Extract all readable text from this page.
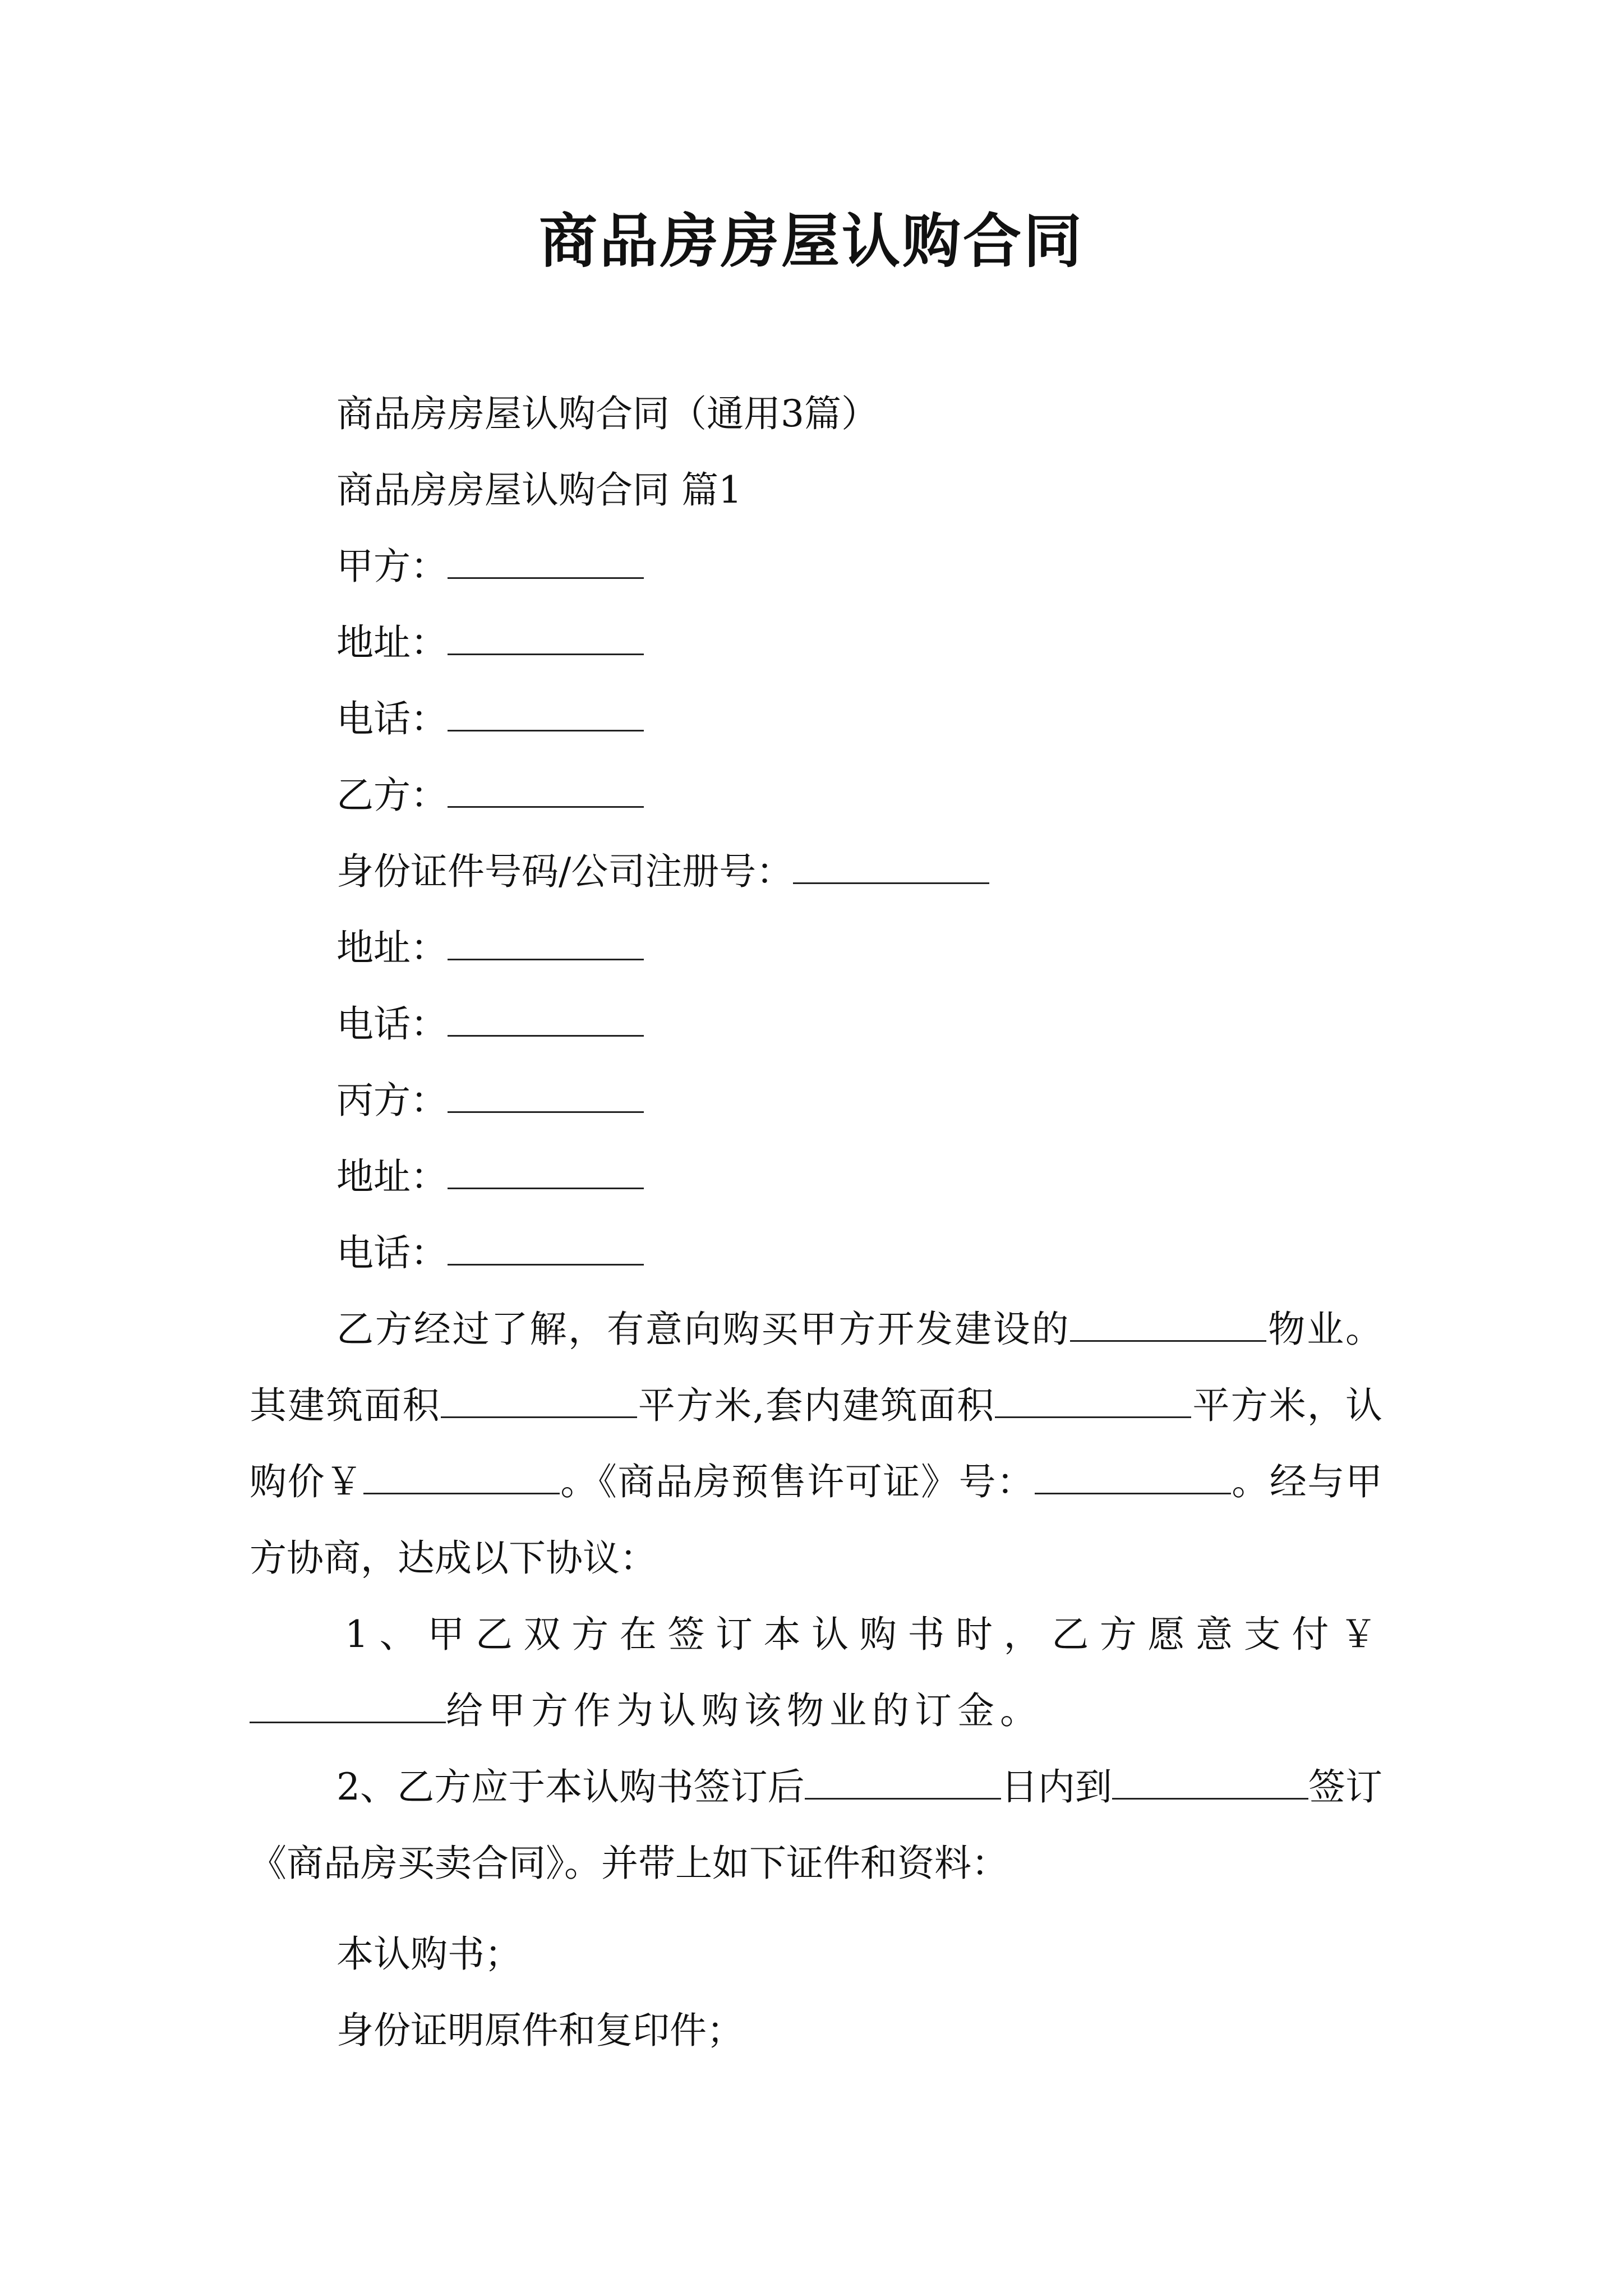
商品房房屋认购合同
商品房房屋认购合同（通用3篇）
商品房房屋认购合同 篇1
甲方：
地址：
电话：
乙方：
身份证件号码/公司注册号：
地址：
电话：
丙方：
地址：
电话：
乙方经过了解，有意向购买甲方开发建设的	物业。其建筑面积	平方米,套内建筑面积	平方米，认购价￥	。《商品房预售许可证》号：	。经与甲方协商，达成以下协议：
1、甲乙双方在签订本认购书时，乙方愿意支付￥给甲方作为认购该物业的订金。
2、乙方应于本认购书签订后	日内到	签订《商品房买卖合同》。并带上如下证件和资料：
本认购书；
身份证明原件和复印件；
